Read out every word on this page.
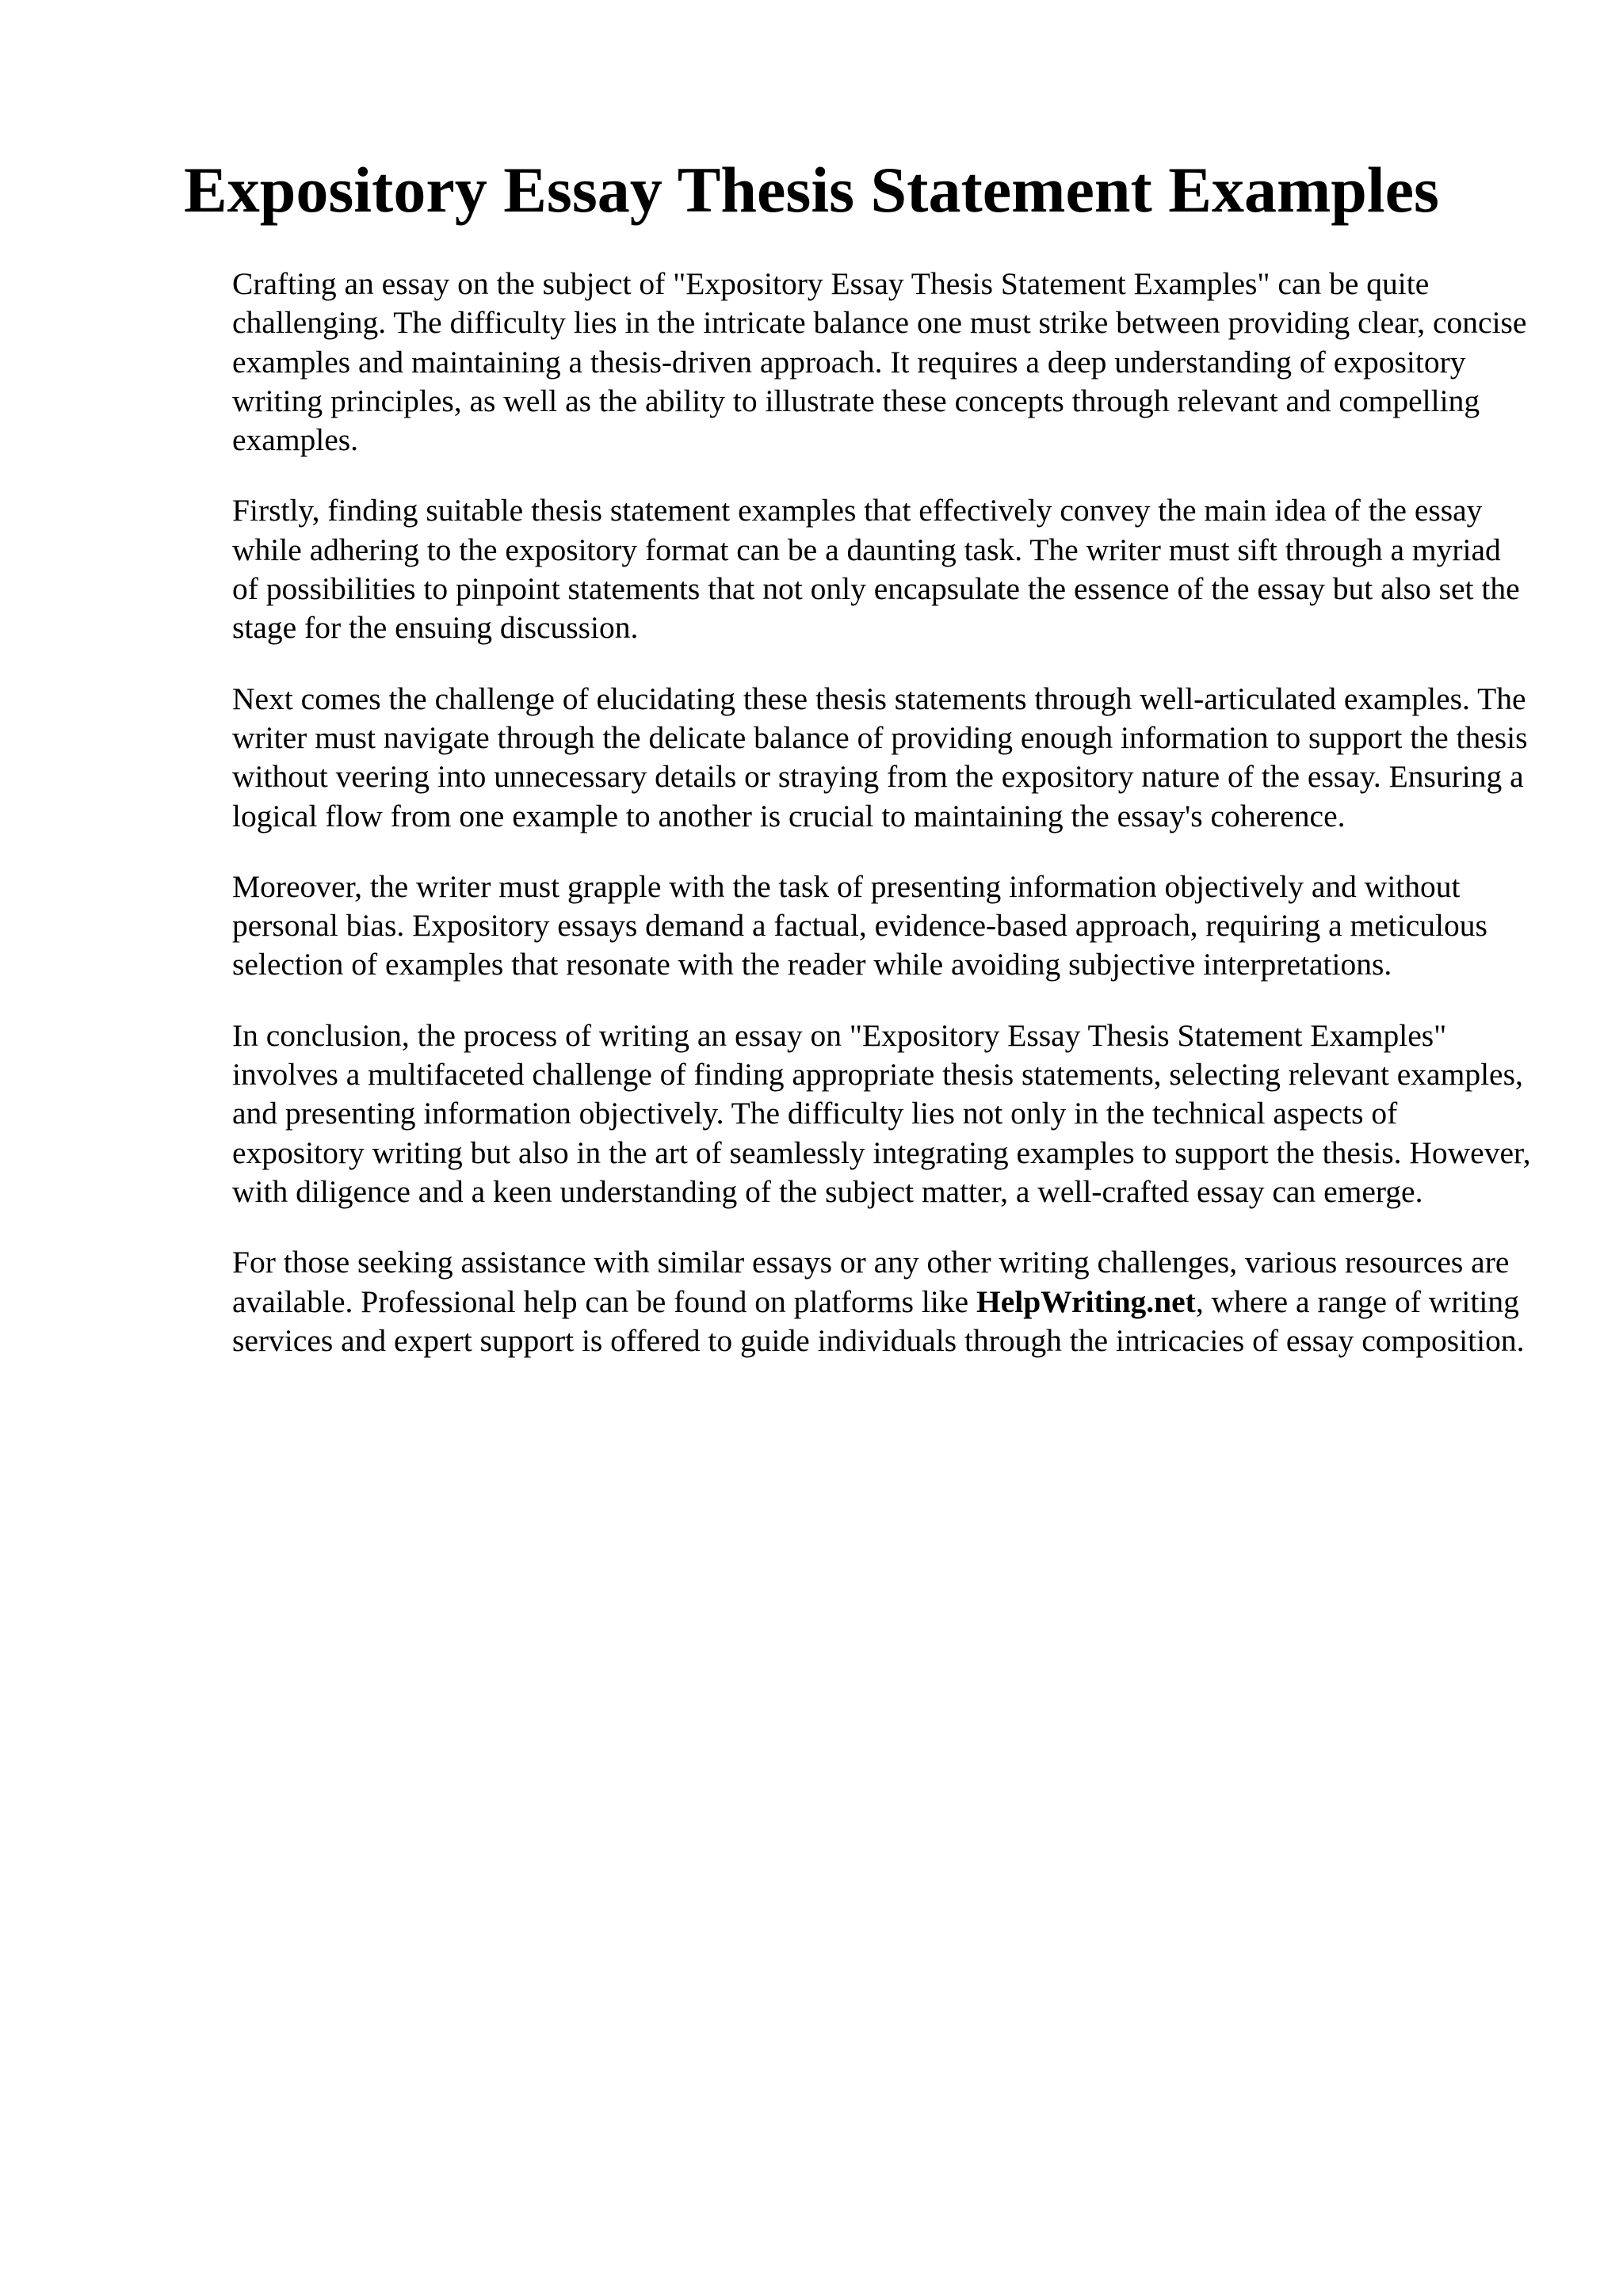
Expository Essay Thesis Statement Examples

Crafting an essay on the subject of "Expository Essay Thesis Statement Examples" can be quite challenging. The difficulty lies in the intricate balance one must strike between providing clear, concise examples and maintaining a thesis-driven approach. It requires a deep understanding of expository writing principles, as well as the ability to illustrate these concepts through relevant and compelling examples.

Firstly, finding suitable thesis statement examples that effectively convey the main idea of the essay while adhering to the expository format can be a daunting task. The writer must sift through a myriad of possibilities to pinpoint statements that not only encapsulate the essence of the essay but also set the stage for the ensuing discussion.

Next comes the challenge of elucidating these thesis statements through well-articulated examples. The writer must navigate through the delicate balance of providing enough information to support the thesis without veering into unnecessary details or straying from the expository nature of the essay. Ensuring a logical flow from one example to another is crucial to maintaining the essay's coherence.

Moreover, the writer must grapple with the task of presenting information objectively and without personal bias. Expository essays demand a factual, evidence-based approach, requiring a meticulous selection of examples that resonate with the reader while avoiding subjective interpretations.

In conclusion, the process of writing an essay on "Expository Essay Thesis Statement Examples" involves a multifaceted challenge of finding appropriate thesis statements, selecting relevant examples, and presenting information objectively. The difficulty lies not only in the technical aspects of expository writing but also in the art of seamlessly integrating examples to support the thesis. However, with diligence and a keen understanding of the subject matter, a well-crafted essay can emerge.

For those seeking assistance with similar essays or any other writing challenges, various resources are available. Professional help can be found on platforms like HelpWriting.net, where a range of writing services and expert support is offered to guide individuals through the intricacies of essay composition.
